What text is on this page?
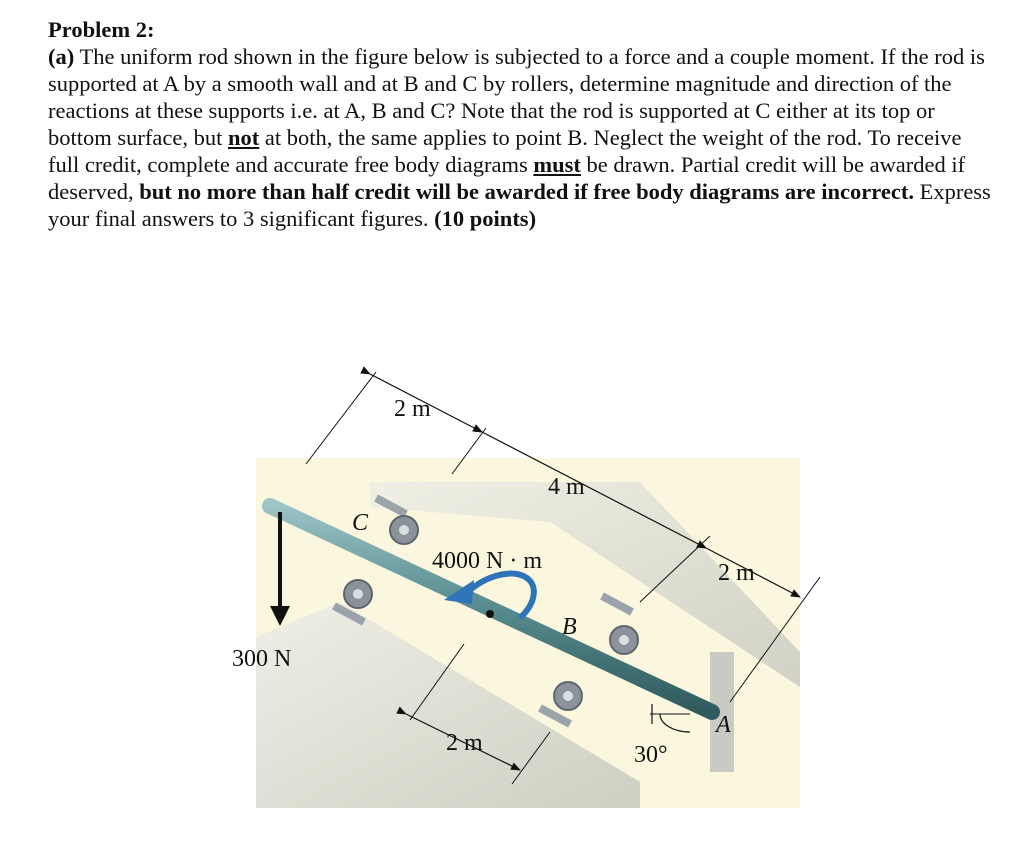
Problem 2:

(a) The uniform rod shown in the figure below is subjected to a force and a couple moment. If the rod is supported at A by a smooth wall and at B and C by rollers, determine magnitude and direction of the reactions at these supports i.e. at A, B and C? Note that the rod is supported at C either at its top or bottom surface, but not at both, the same applies to point B. Neglect the weight of the rod. To receive full credit, complete and accurate free body diagrams must be drawn. Partial credit will be awarded if deserved, but no more than half credit will be awarded if free body diagrams are incorrect. Express your final answers to 3 significant figures. (10 points)

2 m
4 m
2 m
2 m
C
B
A
4000 N · m
300 N
30°
